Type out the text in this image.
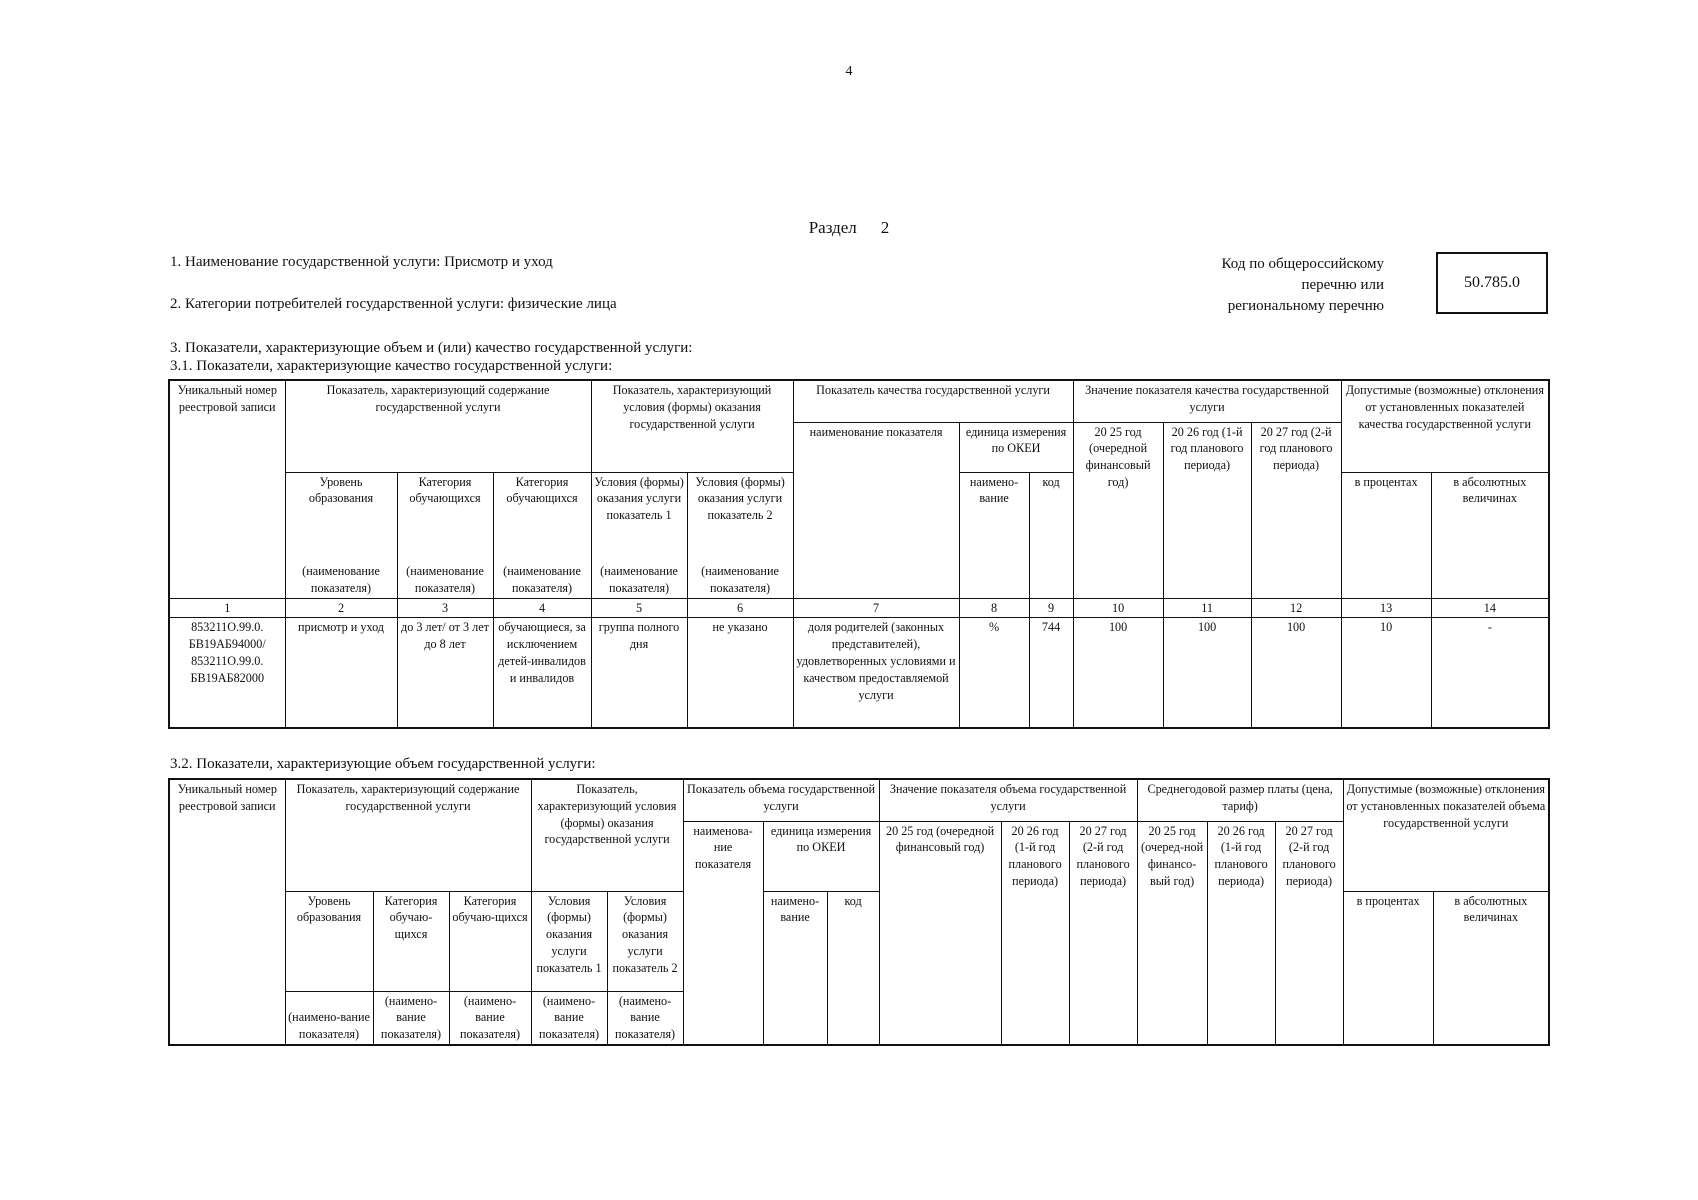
4
Раздел 2
1. Наименование государственной услуги: Присмотр и уход
2. Категории потребителей государственной услуги: физические лица
Код по общероссийскому
перечню или
региональному перечню
50.785.0
3. Показатели, характеризующие объем и (или) качество государственной услуги:
3.1. Показатели, характеризующие качество государственной услуги:
Уникальный номер реестровой записи	Показатель, характеризующий содержание государственной услуги			Показатель, характеризующий условия (формы) оказания государственной услуги		Показатель качества государственной услуги			Значение показателя качества государственной услуги			Допустимые (возможные) отклонения от установленных показателей качества государственной услуги	
						наименование показателя	единица измерения по ОКЕИ		20 25 год (очередной финансовый год)	20 26 год (1-й год планового периода)	20 27 год (2-й год планового периода)		
	Уровень образования	Категория обучающихся	Категория обучающихся	Условия (формы) оказания услуги показатель 1	Условия (формы) оказания услуги показатель 2		наимено-вание	код				в процентах	в абсолютных величинах
	(наименование показателя)	(наименование показателя)	(наименование показателя)	(наименование показателя)	(наименование показателя)								
1	2	3	4	5	6	7	8	9	10	11	12	13	14
853211О.99.0. БВ19АБ94000/ 853211О.99.0. БВ19АБ82000	присмотр и уход	до 3 лет/ от 3 лет до 8 лет	обучающиеся, за исключением детей-инвалидов и инвалидов	группа полного дня	не указано	доля родителей (законных представителей), удовлетворенных условиями и качеством предоставляемой услуги	%	744	100	100	100	10	-
3.2. Показатели, характеризующие объем государственной услуги:
Уникальный номер реестровой записи	Показатель, характеризующий содержание государственной услуги			Показатель, характеризующий условия (формы) оказания государственной услуги		Показатель объема государственной услуги			Значение показателя объема государственной услуги			Среднегодовой размер платы (цена, тариф)			Допустимые (возможные) отклонения от установленных показателей объема государственной услуги	
						наименова-ние показателя	единица измерения по ОКЕИ		20 25 год (очередной финансовый год)	20 26 год (1-й год планового периода)	20 27 год (2-й год планового периода)	20 25 год (очеред-ной финансо-вый год)	20 26 год (1-й год планового периода)	20 27 год (2-й год планового периода)		
	Уровень образования	Категория обучаю-щихся	Категория обучаю-щихся	Условия (формы) оказания услуги показатель 1	Условия (формы) оказания услуги показатель 2		наимено-вание	код							в процентах	в абсолютных величинах
	(наимено-вание показателя)	(наимено-вание показателя)	(наимено-вание показателя)	(наимено-вание показателя)	(наимено-вание показателя)											
